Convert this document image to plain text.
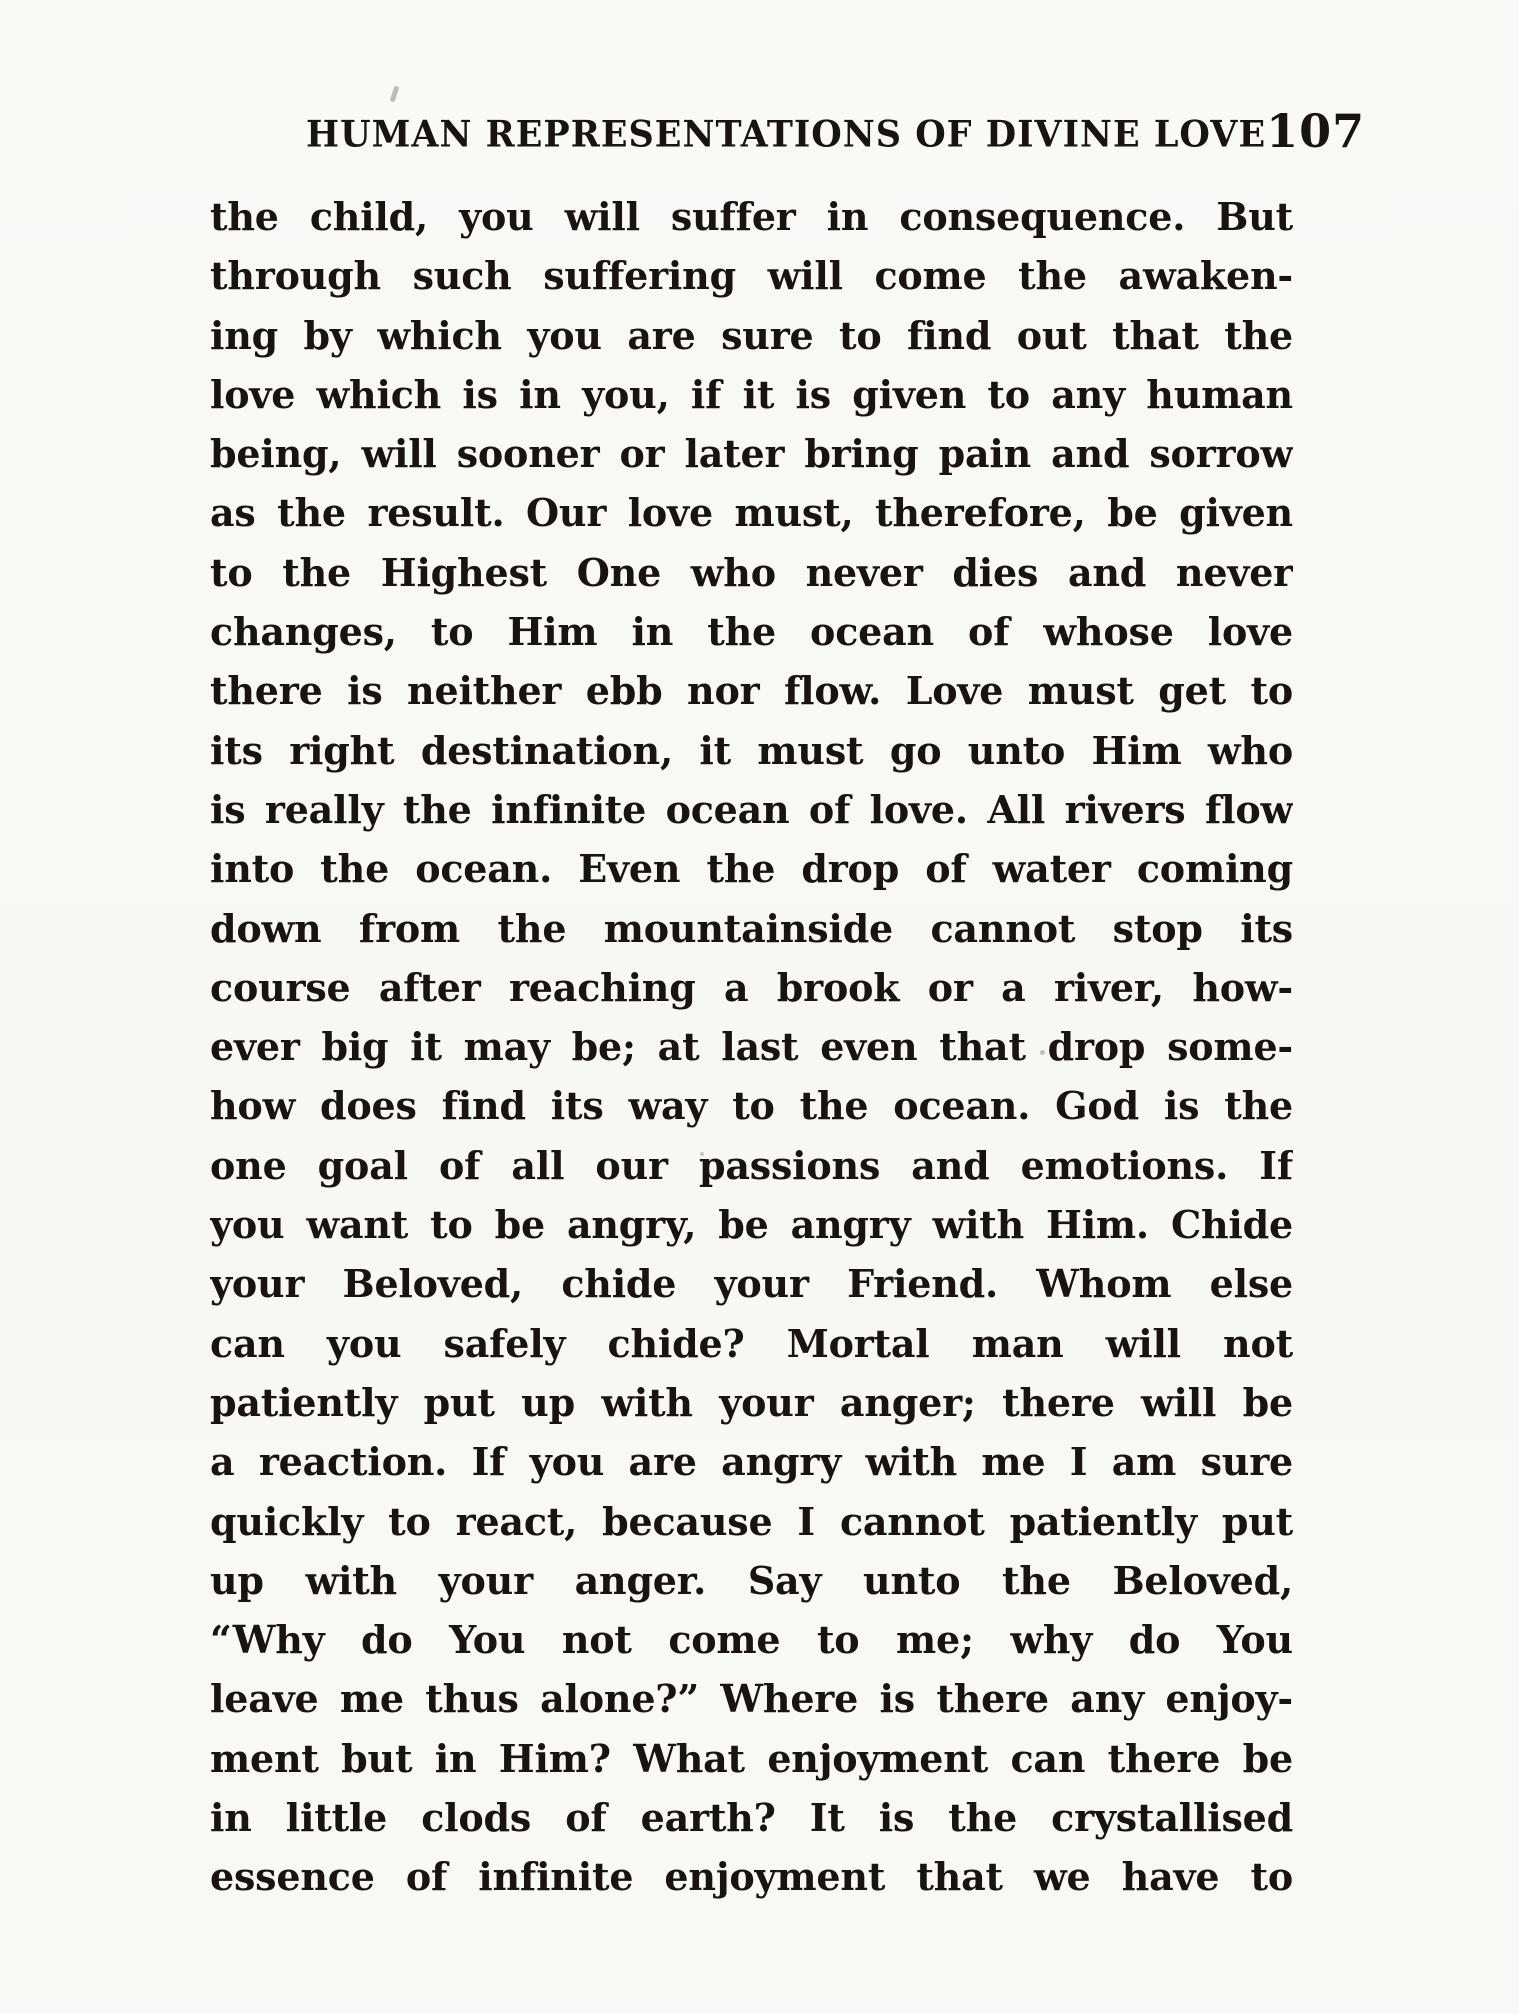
HUMAN REPRESENTATIONS OF DIVINE LOVE 107
the child, you will suffer in consequence. But
through such suffering will come the awaken-
ing by which you are sure to find out that the
love which is in you, if it is given to any human
being, will sooner or later bring pain and sorrow
as the result. Our love must, therefore, be given
to the Highest One who never dies and never
changes, to Him in the ocean of whose love
there is neither ebb nor flow. Love must get to
its right destination, it must go unto Him who
is really the infinite ocean of love. All rivers flow
into the ocean. Even the drop of water coming
down from the mountainside cannot stop its
course after reaching a brook or a river, how-
ever big it may be; at last even that drop some-
how does find its way to the ocean. God is the
one goal of all our passions and emotions. If
you want to be angry, be angry with Him. Chide
your Beloved, chide your Friend. Whom else
can you safely chide? Mortal man will not
patiently put up with your anger; there will be
a reaction. If you are angry with me I am sure
quickly to react, because I cannot patiently put
up with your anger. Say unto the Beloved,
“Why do You not come to me; why do You
leave me thus alone?” Where is there any enjoy-
ment but in Him? What enjoyment can there be
in little clods of earth? It is the crystallised
essence of infinite enjoyment that we have to
